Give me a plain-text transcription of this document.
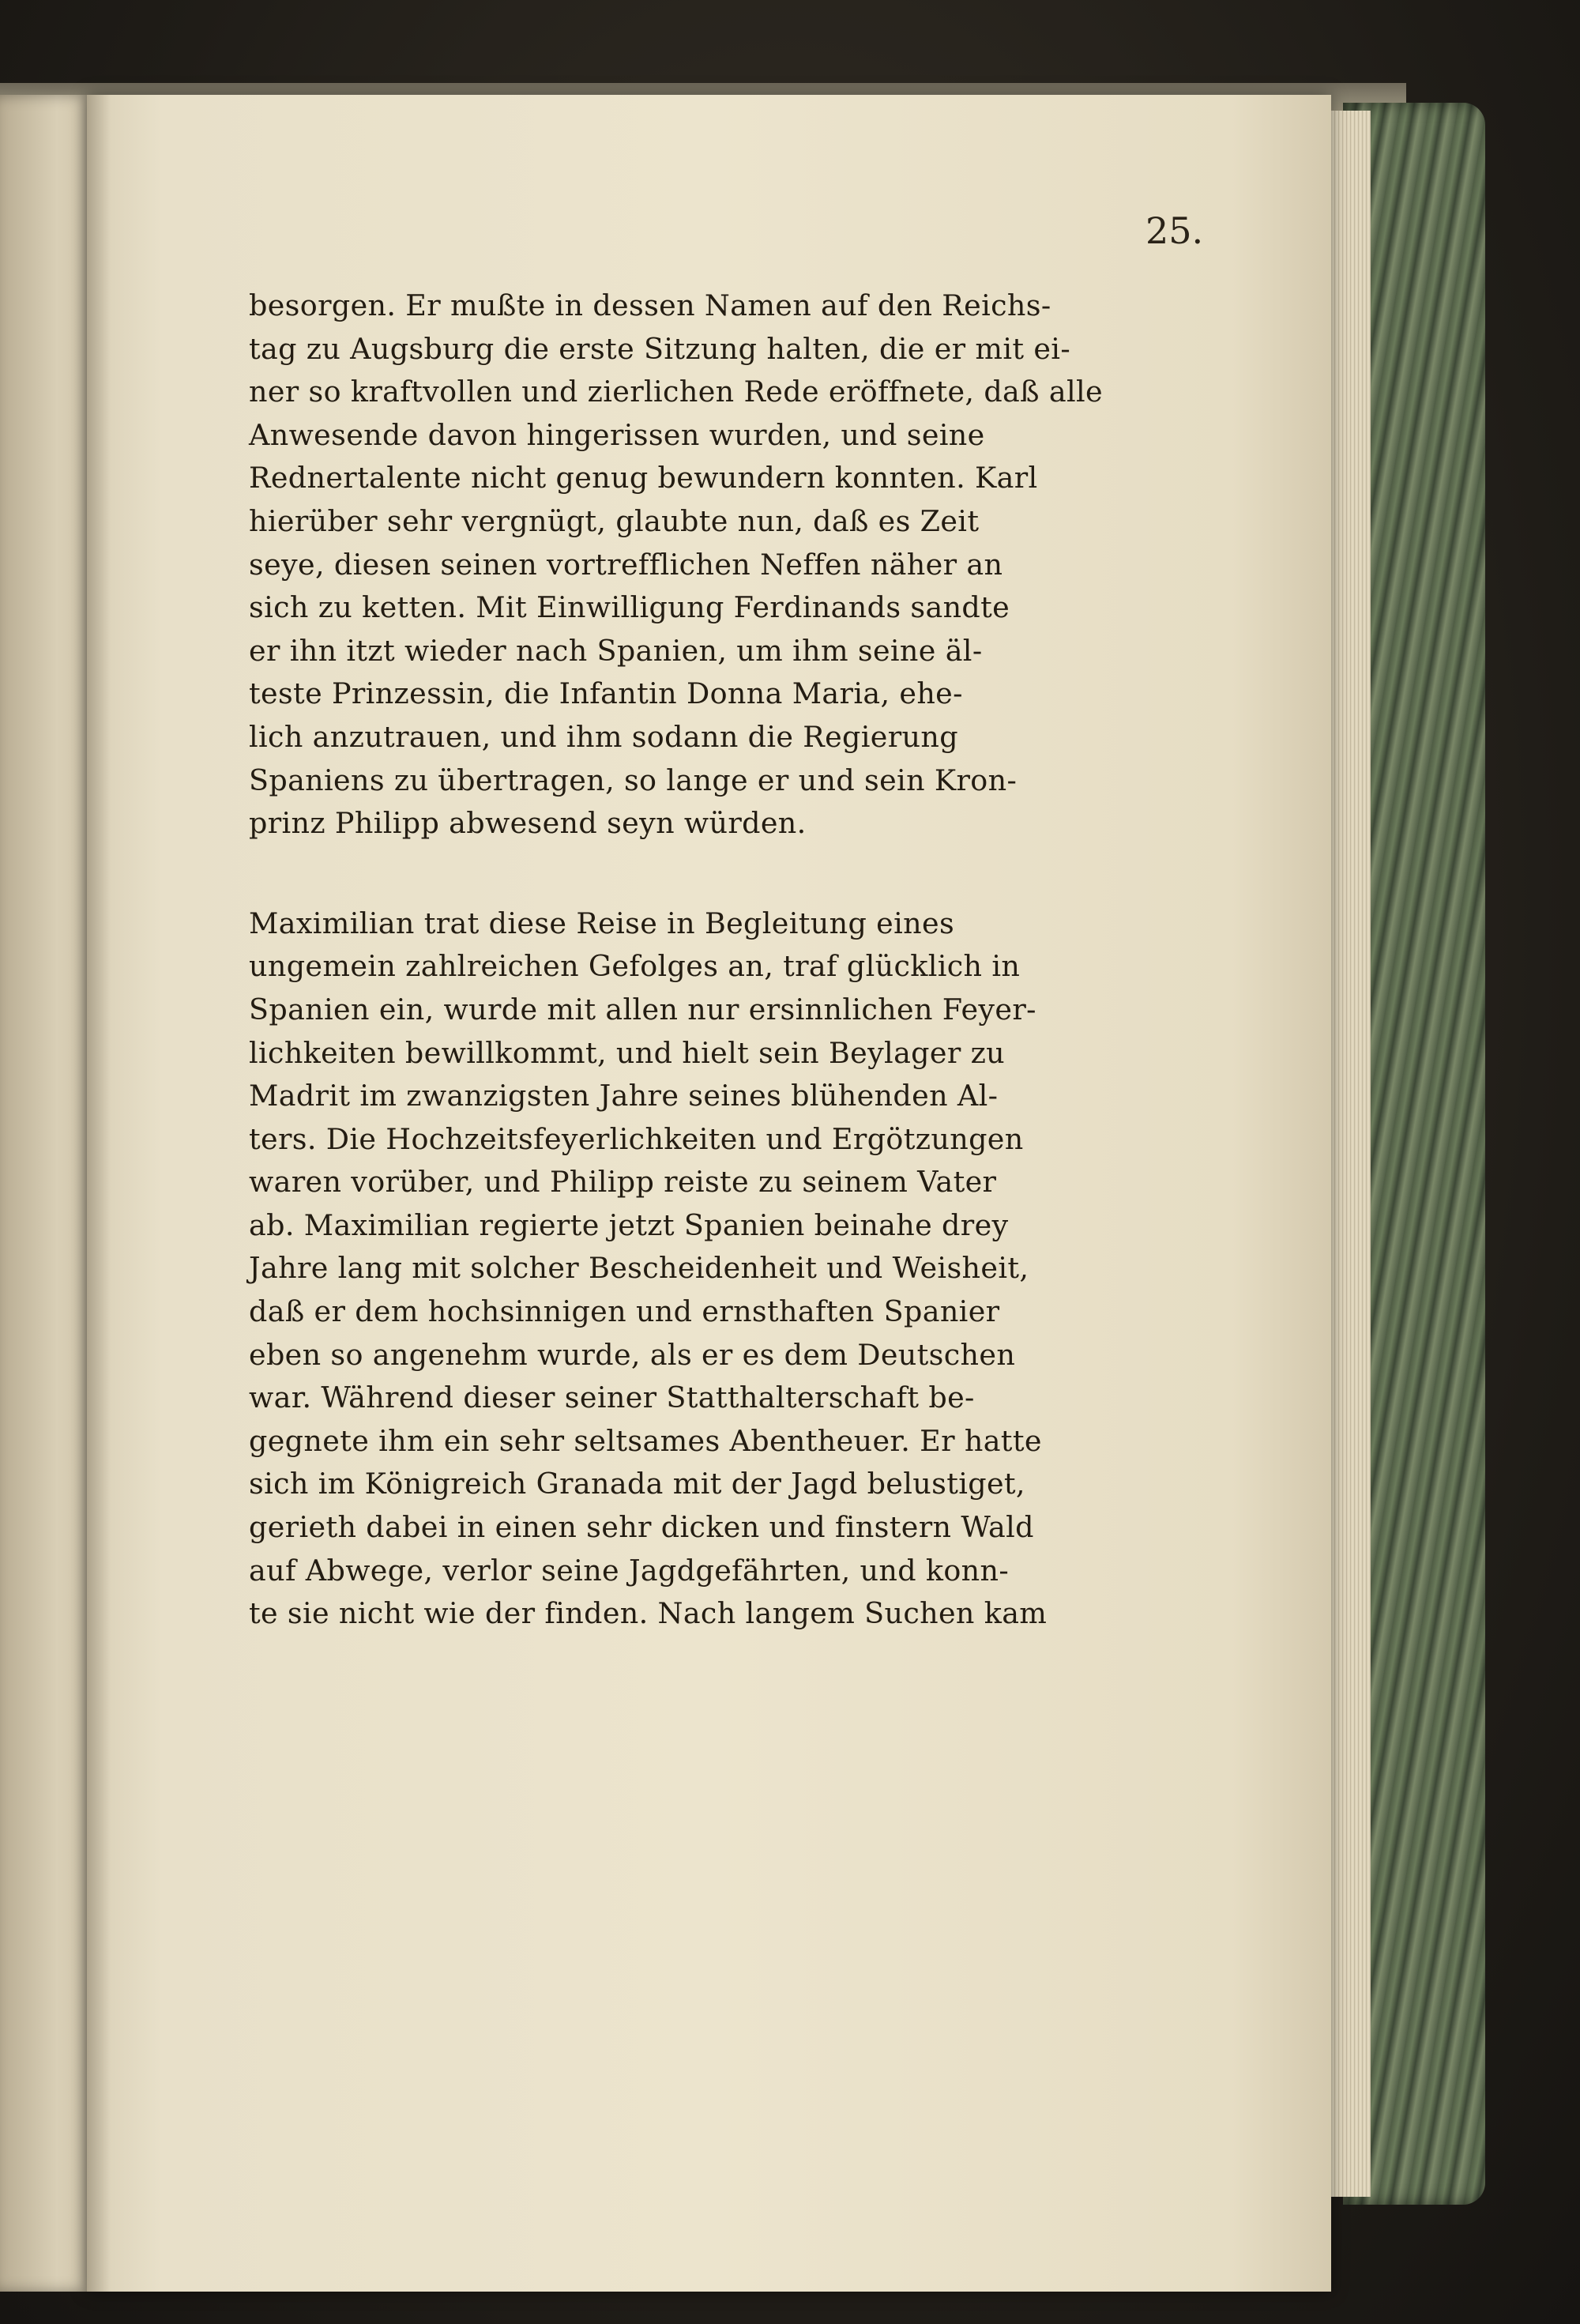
25.

besorgen. Er mußte in dessen Namen auf den Reichs-
tag zu Augsburg die erste Sitzung halten, die er mit ei-
ner so kraftvollen und zierlichen Rede eröffnete, daß alle
Anwesende davon hingerissen wurden, und seine
Rednertalente nicht genug bewundern konnten. Karl
hierüber sehr vergnügt, glaubte nun, daß es Zeit
seye, diesen seinen vortrefflichen Neffen näher an
sich zu ketten. Mit Einwilligung Ferdinands sandte
er ihn itzt wieder nach Spanien, um ihm seine äl-
teste Prinzessin, die Infantin Donna Maria, ehe-
lich anzutrauen, und ihm sodann die Regierung
Spaniens zu übertragen, so lange er und sein Kron-
prinz Philipp abwesend seyn würden.

Maximilian trat diese Reise in Begleitung eines
ungemein zahlreichen Gefolges an, traf glücklich in
Spanien ein, wurde mit allen nur ersinnlichen Feyer-
lichkeiten bewillkommt, und hielt sein Beylager zu
Madrit im zwanzigsten Jahre seines blühenden Al-
ters. Die Hochzeitsfeyerlichkeiten und Ergötzungen
waren vorüber, und Philipp reiste zu seinem Vater
ab. Maximilian regierte jetzt Spanien beinahe drey
Jahre lang mit solcher Bescheidenheit und Weisheit,
daß er dem hochsinnigen und ernsthaften Spanier
eben so angenehm wurde, als er es dem Deutschen
war. Während dieser seiner Statthalterschaft be-
gegnete ihm ein sehr seltsames Abentheuer. Er hatte
sich im Königreich Granada mit der Jagd belustiget,
gerieth dabei in einen sehr dicken und finstern Wald
auf Abwege, verlor seine Jagdgefährten, und konn-
te sie nicht wie der finden. Nach langem Suchen kam
